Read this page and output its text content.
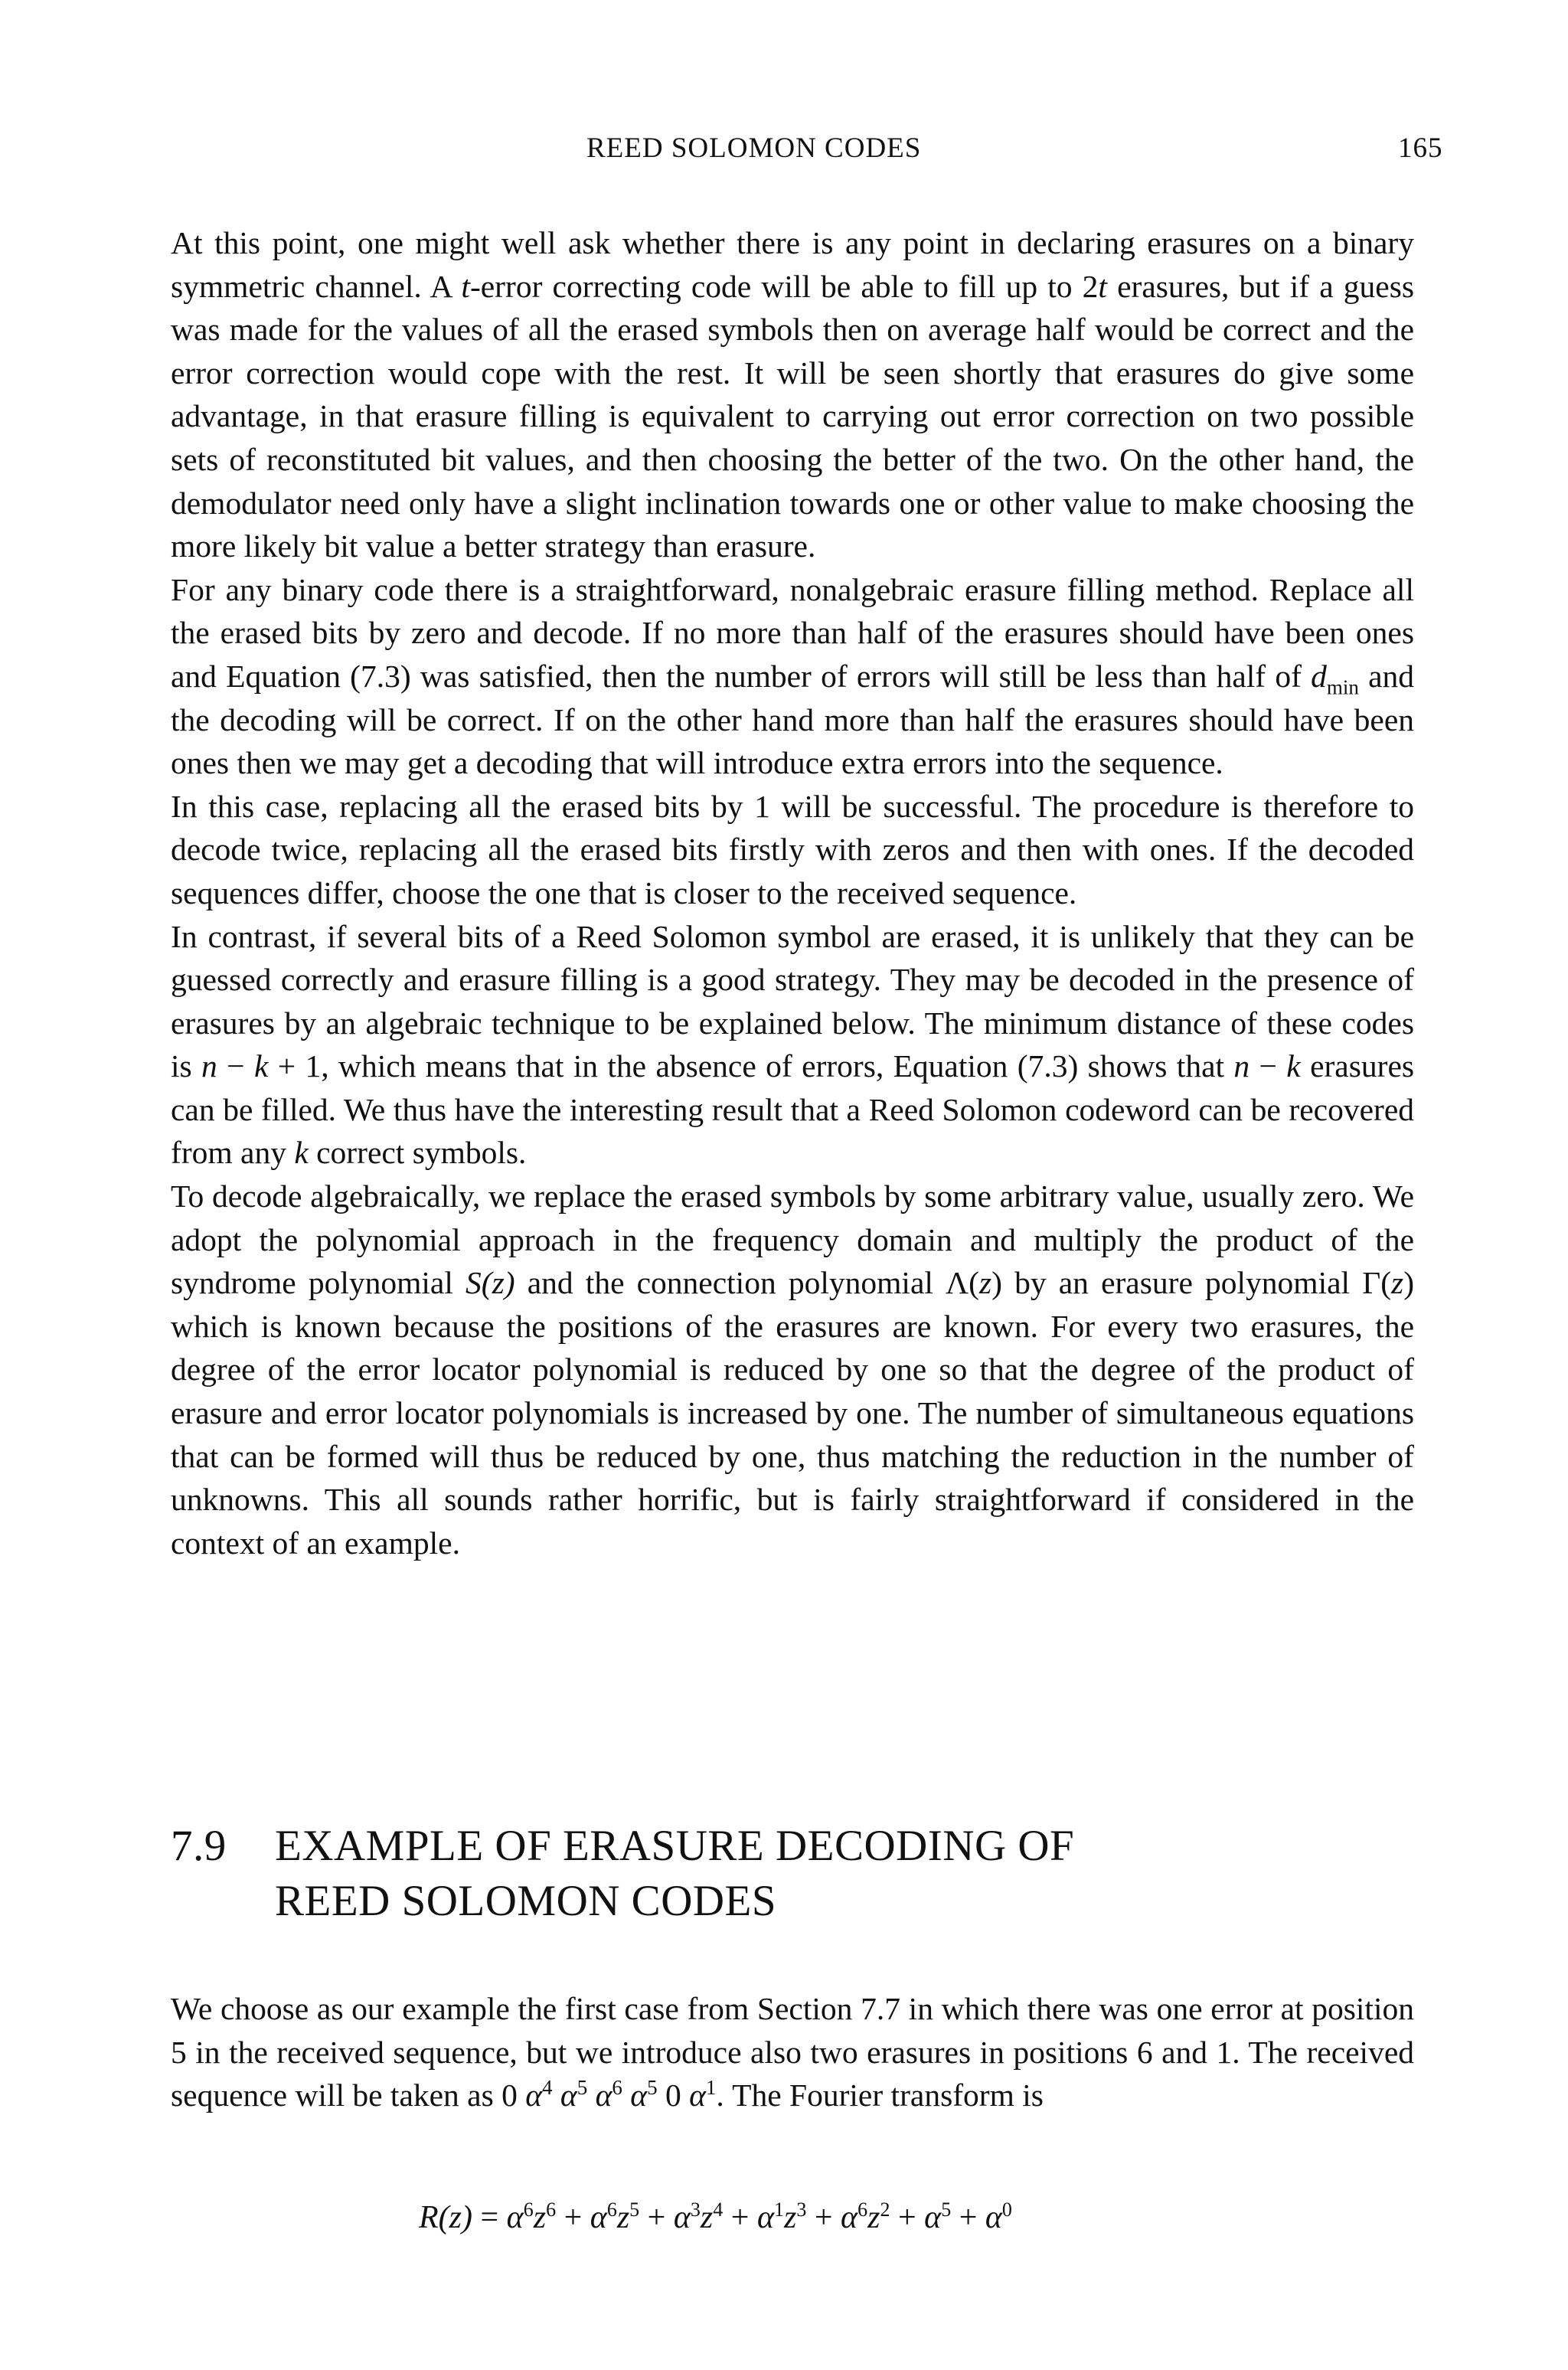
REED SOLOMON CODES	165

At this point, one might well ask whether there is any point in declaring erasures on a binary symmetric channel. A t-error correcting code will be able to fill up to 2t erasures, but if a guess was made for the values of all the erased symbols then on average half would be correct and the error correction would cope with the rest. It will be seen shortly that erasures do give some advantage, in that erasure filling is equivalent to carrying out error correction on two possible sets of reconstituted bit values, and then choosing the better of the two. On the other hand, the demodulator need only have a slight inclination towards one or other value to make choosing the more likely bit value a better strategy than erasure.

For any binary code there is a straightforward, nonalgebraic erasure filling method. Replace all the erased bits by zero and decode. If no more than half of the erasures should have been ones and Equation (7.3) was satisfied, then the number of errors will still be less than half of $d_{min}$ and the decoding will be correct. If on the other hand more than half the erasures should have been ones then we may get a decoding that will introduce extra errors into the sequence.

In this case, replacing all the erased bits by 1 will be successful. The procedure is therefore to decode twice, replacing all the erased bits firstly with zeros and then with ones. If the decoded sequences differ, choose the one that is closer to the received sequence.

In contrast, if several bits of a Reed Solomon symbol are erased, it is unlikely that they can be guessed correctly and erasure filling is a good strategy. They may be decoded in the presence of erasures by an algebraic technique to be explained below. The minimum distance of these codes is n − k + 1, which means that in the absence of errors, Equation (7.3) shows that n − k erasures can be filled. We thus have the interesting result that a Reed Solomon codeword can be recovered from any k correct symbols.

To decode algebraically, we replace the erased symbols by some arbitrary value, usually zero. We adopt the polynomial approach in the frequency domain and multiply the product of the syndrome polynomial S(z) and the connection polynomial Λ(z) by an erasure polynomial Γ(z) which is known because the positions of the erasures are known. For every two erasures, the degree of the error locator polynomial is reduced by one so that the degree of the product of erasure and error locator polynomials is increased by one. The number of simultaneous equations that can be formed will thus be reduced by one, thus matching the reduction in the number of unknowns. This all sounds rather horrific, but is fairly straightforward if considered in the context of an example.

7.9 EXAMPLE OF ERASURE DECODING OF
REED SOLOMON CODES

We choose as our example the first case from Section 7.7 in which there was one error at position 5 in the received sequence, but we introduce also two erasures in positions 6 and 1. The received sequence will be taken as 0 $\alpha^4$ $\alpha^5$ $\alpha^6$ $\alpha^5$ 0 $\alpha^1$. The Fourier transform is

$R(z) = \alpha^6z^6 + \alpha^6z^5 + \alpha^3z^4 + \alpha^1z^3 + \alpha^6z^2 + \alpha^5 + \alpha^0$
